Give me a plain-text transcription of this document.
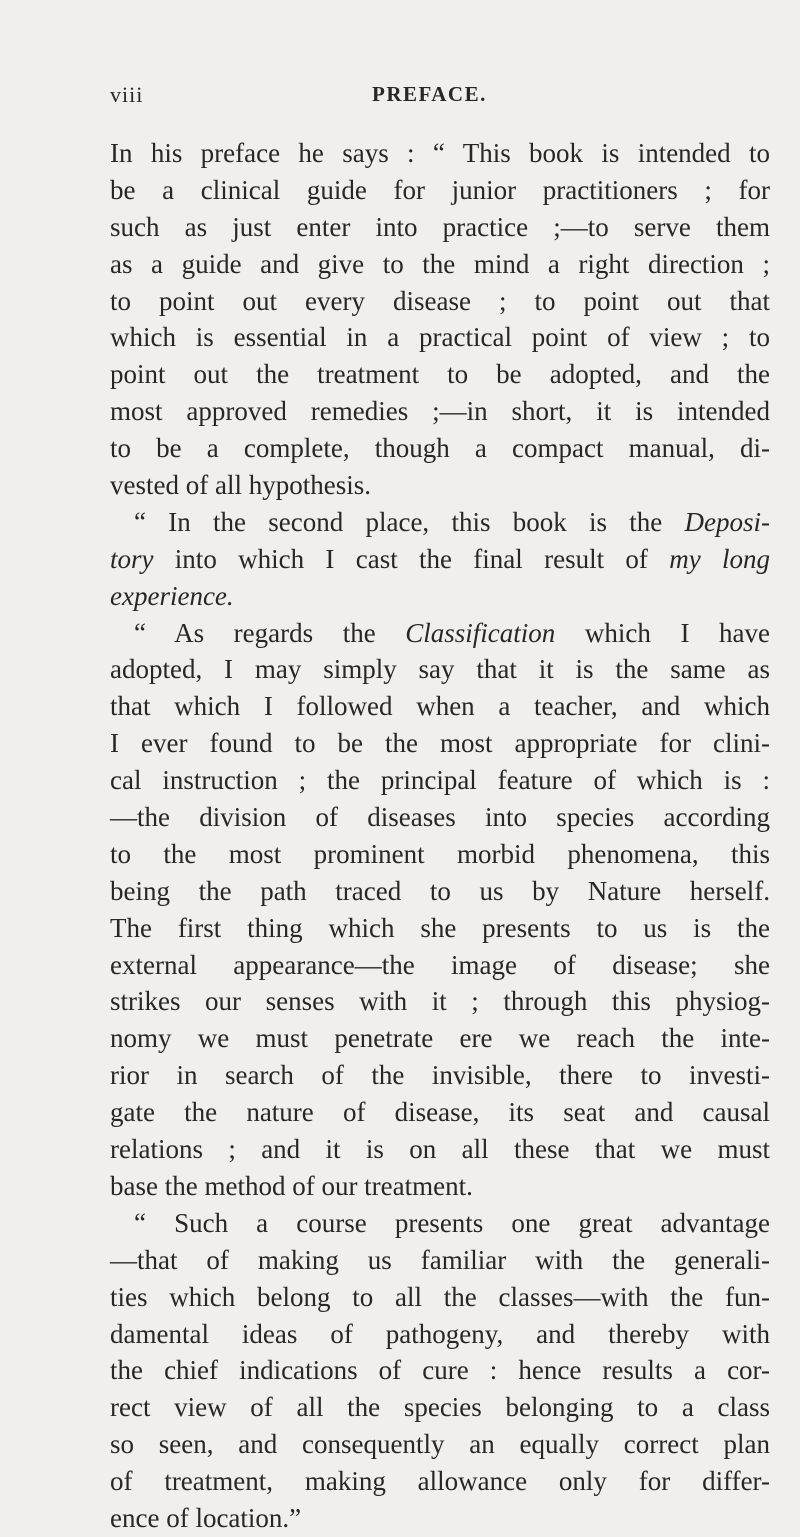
viii	PREFACE.
In his preface he says : “ This book is intended to
be a clinical guide for junior practitioners ; for
such as just enter into practice ;—to serve them
as a guide and give to the mind a right direction ;
to point out every disease ; to point out that
which is essential in a practical point of view ; to
point out the treatment to be adopted, and the
most approved remedies ;—in short, it is intended
to be a complete, though a compact manual, di-
vested of all hypothesis.
“ In the second place, this book is the Deposi-
tory into which I cast the final result of my long
experience.
“ As regards the Classification which I have
adopted, I may simply say that it is the same as
that which I followed when a teacher, and which
I ever found to be the most appropriate for clini-
cal instruction ; the principal feature of which is :
—the division of diseases into species according
to the most prominent morbid phenomena, this
being the path traced to us by Nature herself.
The first thing which she presents to us is the
external appearance—the image of disease; she
strikes our senses with it ; through this physiog-
nomy we must penetrate ere we reach the inte-
rior in search of the invisible, there to investi-
gate the nature of disease, its seat and causal
relations ; and it is on all these that we must
base the method of our treatment.
“ Such a course presents one great advantage
—that of making us familiar with the generali-
ties which belong to all the classes—with the fun-
damental ideas of pathogeny, and thereby with
the chief indications of cure : hence results a cor-
rect view of all the species belonging to a class
so seen, and consequently an equally correct plan
of treatment, making allowance only for differ-
ence of location.”
